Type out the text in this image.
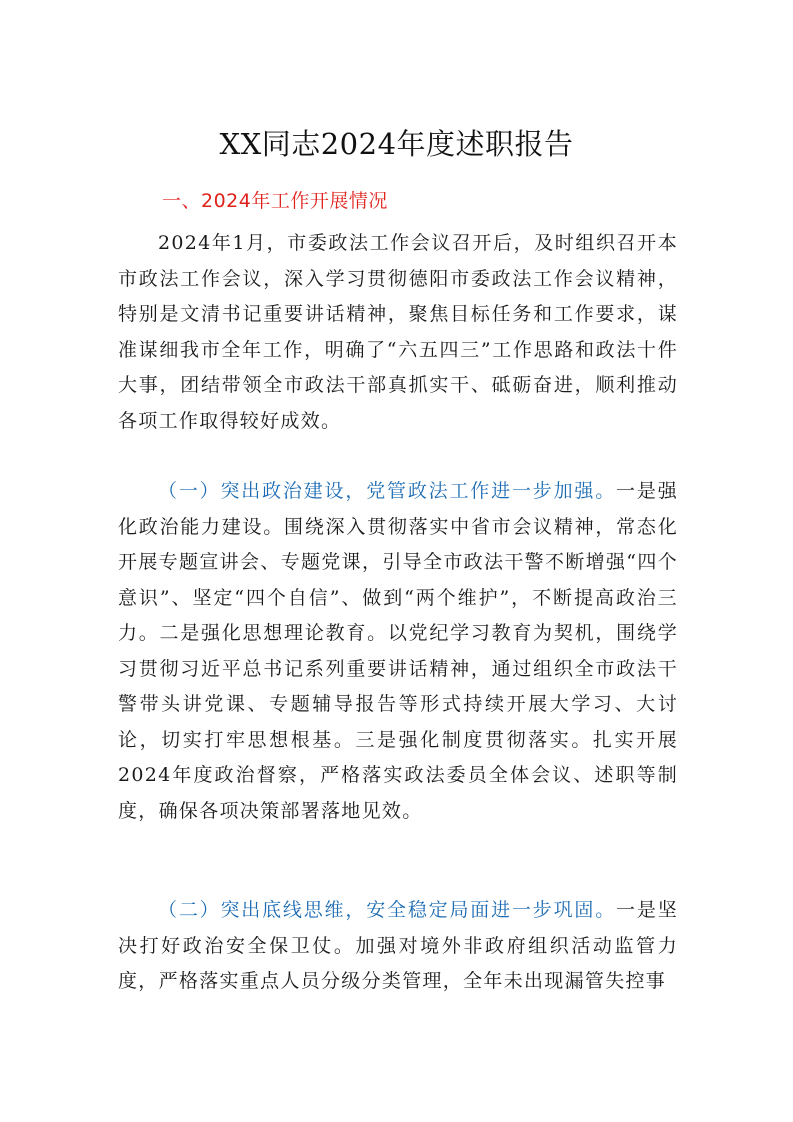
XX同志2024年度述职报告
一、2024年工作开展情况

2024年1月，市委政法工作会议召开后，及时组织召开本市政法工作会议，深入学习贯彻德阳市委政法工作会议精神，特别是文清书记重要讲话精神，聚焦目标任务和工作要求，谋准谋细我市全年工作，明确了“六五四三”工作思路和政法十件大事，团结带领全市政法干部真抓实干、砥砺奋进，顺利推动各项工作取得较好成效。

（一）突出政治建设，党管政法工作进一步加强。一是强化政治能力建设。围绕深入贯彻落实中省市会议精神，常态化开展专题宣讲会、专题党课，引导全市政法干警不断增强“四个意识”、坚定“四个自信”、做到“两个维护”，不断提高政治三力。二是强化思想理论教育。以党纪学习教育为契机，围绕学习贯彻习近平总书记系列重要讲话精神，通过组织全市政法干警带头讲党课、专题辅导报告等形式持续开展大学习、大讨论，切实打牢思想根基。三是强化制度贯彻落实。扎实开展2024年度政治督察，严格落实政法委员全体会议、述职等制度，确保各项决策部署落地见效。

（二）突出底线思维，安全稳定局面进一步巩固。一是坚决打好政治安全保卫仗。加强对境外非政府组织活动监管力度，严格落实重点人员分级分类管理，全年未出现漏管失控事
